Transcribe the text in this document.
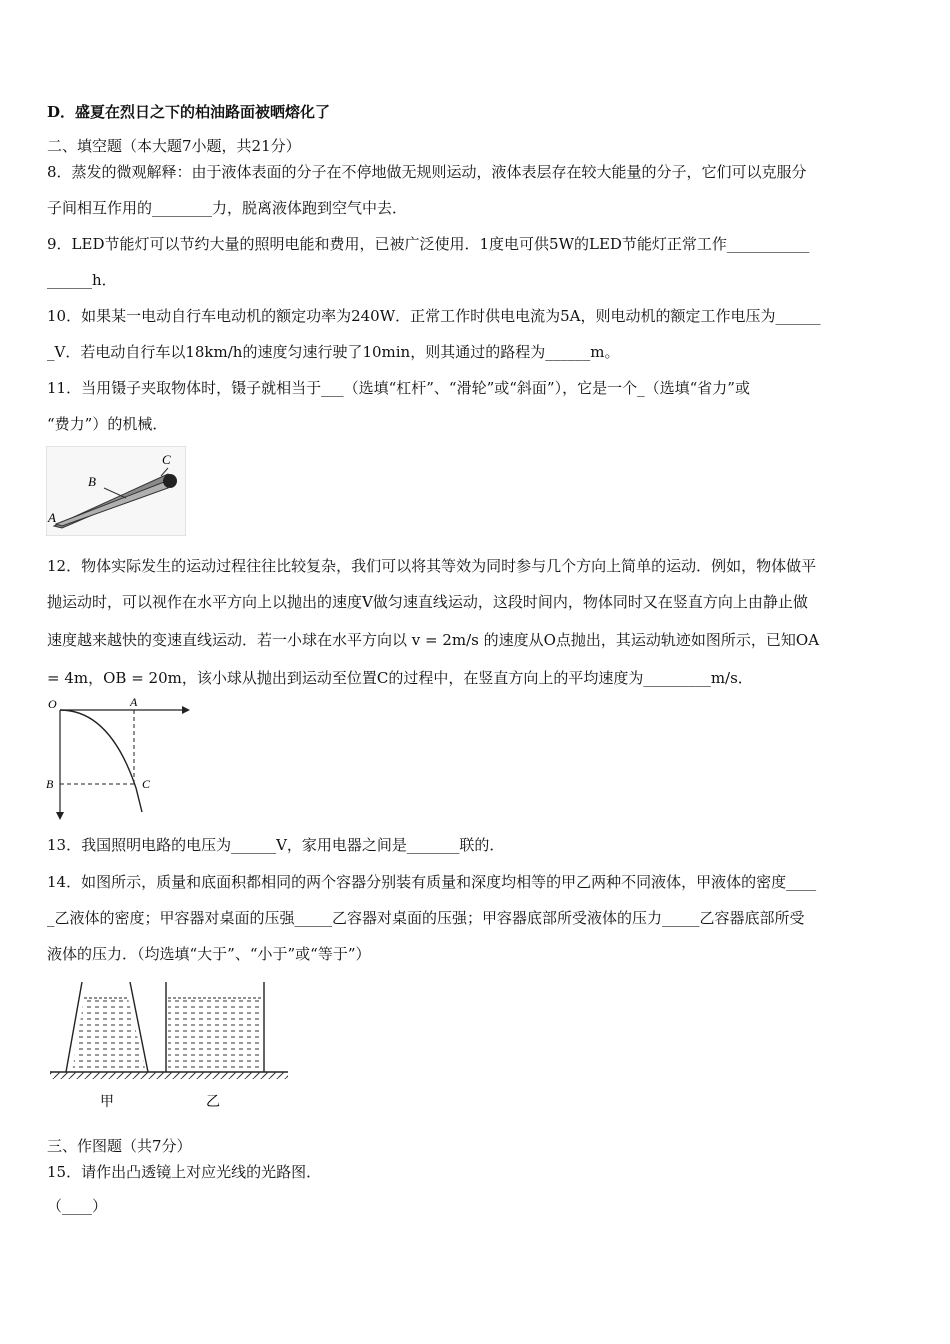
D．盛夏在烈日之下的柏油路面被晒熔化了
二、填空题（本大题7小题，共21分）
8．蒸发的微观解释：由于液体表面的分子在不停地做无规则运动，液体表层存在较大能量的分子，它们可以克服分
子间相互作用的________力，脱离液体跑到空气中去．
9．LED节能灯可以节约大量的照明电能和费用，已被广泛使用．1度电可供5W的LED节能灯正常工作___________
______h．
10．如果某一电动自行车电动机的额定功率为240W．正常工作时供电电流为5A，则电动机的额定工作电压为______
_V．若电动自行车以18km/h的速度匀速行驶了10min，则其通过的路程为______m。
11．当用镊子夹取物体时，镊子就相当于___（选填“杠杆”、“滑轮”或“斜面”），它是一个_（选填“省力”或
“费力”）的机械．
B
C
A
12．物体实际发生的运动过程往往比较复杂，我们可以将其等效为同时参与几个方向上简单的运动．例如，物体做平
抛运动时，可以视作在水平方向上以抛出的速度V做匀速直线运动，这段时间内，物体同时又在竖直方向上由静止做
速度越来越快的变速直线运动．若一小球在水平方向以 v = 2m/s 的速度从O点抛出，其运动轨迹如图所示，已知OA
= 4m，OB = 20m，该小球从抛出到运动至位置C的过程中，在竖直方向上的平均速度为_________m/s．
O	A
B	C
13．我国照明电路的电压为______V，家用电器之间是_______联的．
14．如图所示，质量和底面积都相同的两个容器分别装有质量和深度均相等的甲乙两种不同液体，甲液体的密度____
_乙液体的密度；甲容器对桌面的压强_____乙容器对桌面的压强；甲容器底部所受液体的压力_____乙容器底部所受
液体的压力．（均选填“大于”、“小于”或“等于”）
甲	乙
三、作图题（共7分）
15．请作出凸透镜上对应光线的光路图．
（____）
